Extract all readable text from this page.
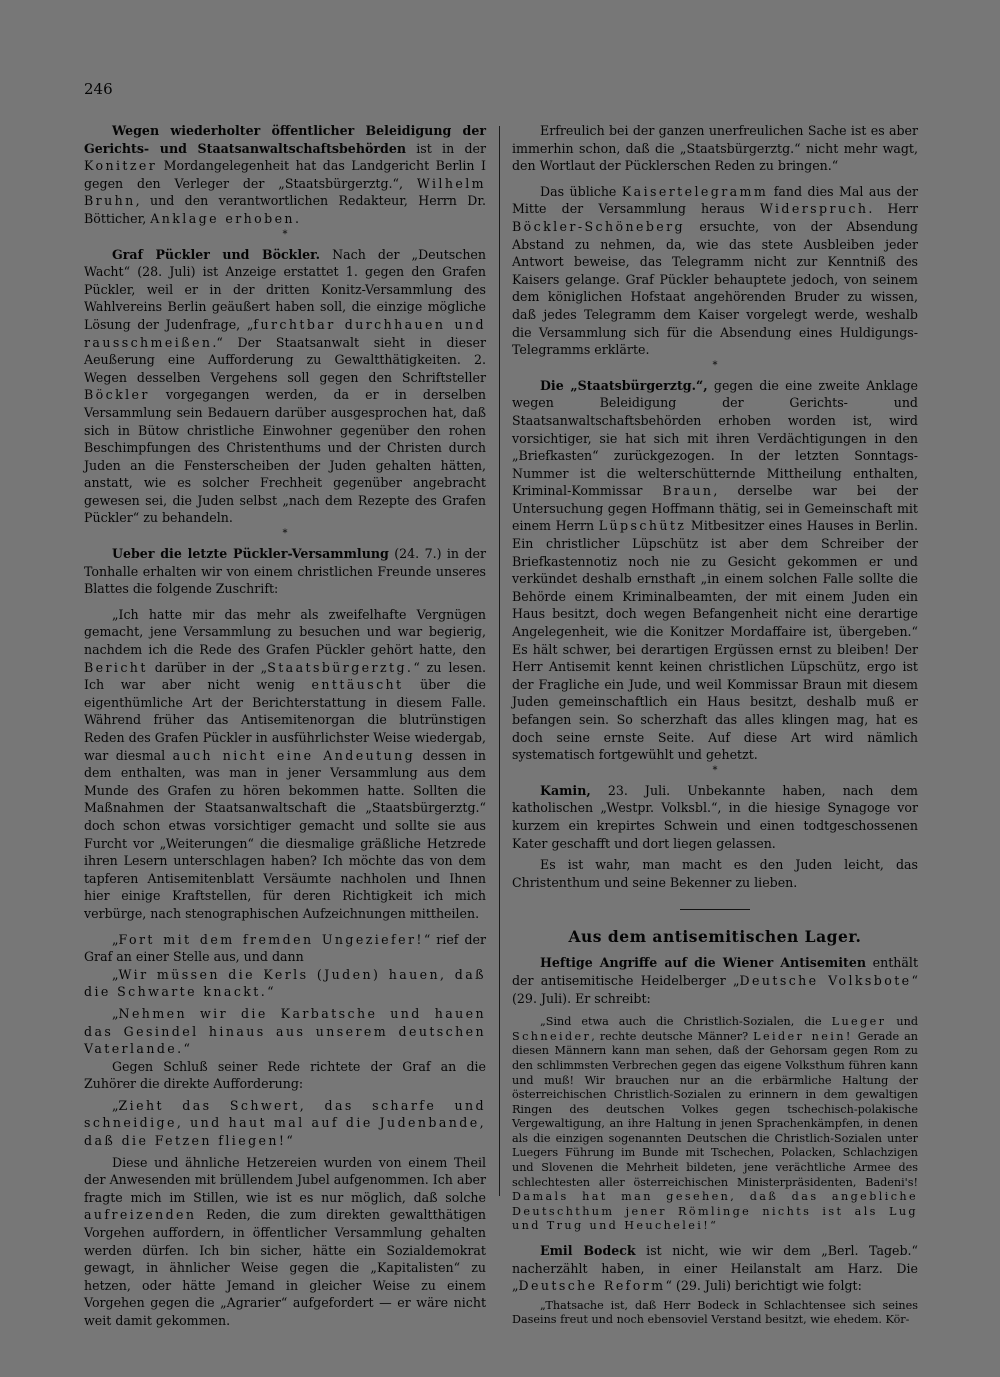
246

Wegen wiederholter öffentlicher Beleidigung der Gerichts- und Staatsanwaltschaftsbehörden ist in der Konitzer Mordangelegenheit hat das Landgericht Berlin I gegen den Verleger der „Staatsbürgerztg.“, Wilhelm Bruhn, und den verantwortlichen Redakteur, Herrn Dr. Bötticher, Anklage erhoben.

*

Graf Pückler und Böckler. Nach der „Deutschen Wacht“ (28. Juli) ist Anzeige erstattet 1. gegen den Grafen Pückler, weil er in der dritten Konitz-Versammlung des Wahlvereins Berlin geäußert haben soll, die einzige mögliche Lösung der Judenfrage, „furchtbar durchhauen und rausschmeißen.“ Der Staatsanwalt sieht in dieser Aeußerung eine Aufforderung zu Gewaltthätigkeiten. 2. Wegen desselben Vergehens soll gegen den Schriftsteller Böckler vorgegangen werden, da er in derselben Versammlung sein Bedauern darüber ausgesprochen hat, daß sich in Bütow christliche Einwohner gegenüber den rohen Beschimpfungen des Christenthums und der Christen durch Juden an die Fensterscheiben der Juden gehalten hätten, anstatt, wie es solcher Frechheit gegenüber angebracht gewesen sei, die Juden selbst „nach dem Rezepte des Grafen Pückler“ zu behandeln.

*

Ueber die letzte Pückler-Versammlung (24. 7.) in der Tonhalle erhalten wir von einem christlichen Freunde unseres Blattes die folgende Zuschrift:

„Ich hatte mir das mehr als zweifelhafte Vergnügen gemacht, jene Versammlung zu besuchen und war begierig, nachdem ich die Rede des Grafen Pückler gehört hatte, den Bericht darüber in der „Staatsbürgerztg.“ zu lesen. Ich war aber nicht wenig enttäuscht über die eigenthümliche Art der Berichterstattung in diesem Falle. Während früher das Antisemitenorgan die blutrünstigen Reden des Grafen Pückler in ausführlichster Weise wiedergab, war diesmal auch nicht eine Andeutung dessen in dem enthalten, was man in jener Versammlung aus dem Munde des Grafen zu hören bekommen hatte. Sollten die Maßnahmen der Staatsanwaltschaft die „Staatsbürgerztg.“ doch schon etwas vorsichtiger gemacht und sollte sie aus Furcht vor „Weiterungen“ die diesmalige gräßliche Hetzrede ihren Lesern unterschlagen haben? Ich möchte das von dem tapferen Antisemitenblatt Versäumte nachholen und Ihnen hier einige Kraftstellen, für deren Richtigkeit ich mich verbürge, nach stenographischen Aufzeichnungen mittheilen.

„Fort mit dem fremden Ungeziefer!“ rief der Graf an einer Stelle aus, und dann

„Wir müssen die Kerls (Juden) hauen, daß die Schwarte knackt.“

„Nehmen wir die Karbatsche und hauen das Gesindel hinaus aus unserem deutschen Vaterlande.“

Gegen Schluß seiner Rede richtete der Graf an die Zuhörer die direkte Aufforderung:

„Zieht das Schwert, das scharfe und schneidige, und haut mal auf die Judenbande, daß die Fetzen fliegen!“

Diese und ähnliche Hetzereien wurden von einem Theil der Anwesenden mit brüllendem Jubel aufgenommen. Ich aber fragte mich im Stillen, wie ist es nur möglich, daß solche aufreizenden Reden, die zum direkten gewaltthätigen Vorgehen auffordern, in öffentlicher Versammlung gehalten werden dürfen. Ich bin sicher, hätte ein Sozialdemokrat gewagt, in ähnlicher Weise gegen die „Kapitalisten“ zu hetzen, oder hätte Jemand in gleicher Weise zu einem Vorgehen gegen die „Agrarier“ aufgefordert — er wäre nicht weit damit gekommen.

Erfreulich bei der ganzen unerfreulichen Sache ist es aber immerhin schon, daß die „Staatsbürgerztg.“ nicht mehr wagt, den Wortlaut der Pücklerschen Reden zu bringen.“

Das übliche Kaisertelegramm fand dies Mal aus der Mitte der Versammlung heraus Widerspruch. Herr Böckler-Schöneberg ersuchte, von der Absendung Abstand zu nehmen, da, wie das stete Ausbleiben jeder Antwort beweise, das Telegramm nicht zur Kenntniß des Kaisers gelange. Graf Pückler behauptete jedoch, von seinem dem königlichen Hofstaat angehörenden Bruder zu wissen, daß jedes Telegramm dem Kaiser vorgelegt werde, weshalb die Versammlung sich für die Absendung eines Huldigungs-Telegramms erklärte.

*

Die „Staatsbürgerztg.“, gegen die eine zweite Anklage wegen Beleidigung der Gerichts- und Staatsanwaltschaftsbehörden erhoben worden ist, wird vorsichtiger, sie hat sich mit ihren Verdächtigungen in den „Briefkasten“ zurückgezogen. In der letzten Sonntags-Nummer ist die welterschütternde Mittheilung enthalten, Kriminal-Kommissar Braun, derselbe war bei der Untersuchung gegen Hoffmann thätig, sei in Gemeinschaft mit einem Herrn Lüpschütz Mitbesitzer eines Hauses in Berlin. Ein christlicher Lüpschütz ist aber dem Schreiber der Briefkastennotiz noch nie zu Gesicht gekommen er und verkündet deshalb ernsthaft „in einem solchen Falle sollte die Behörde einem Kriminalbeamten, der mit einem Juden ein Haus besitzt, doch wegen Befangenheit nicht eine derartige Angelegenheit, wie die Konitzer Mordaffaire ist, übergeben.“ Es hält schwer, bei derartigen Ergüssen ernst zu bleiben! Der Herr Antisemit kennt keinen christlichen Lüpschütz, ergo ist der Fragliche ein Jude, und weil Kommissar Braun mit diesem Juden gemeinschaftlich ein Haus besitzt, deshalb muß er befangen sein. So scherzhaft das alles klingen mag, hat es doch seine ernste Seite. Auf diese Art wird nämlich systematisch fortgewühlt und gehetzt.

*

Kamin, 23. Juli. Unbekannte haben, nach dem katholischen „Westpr. Volksbl.“, in die hiesige Synagoge vor kurzem ein krepirtes Schwein und einen todtgeschossenen Kater geschafft und dort liegen gelassen.

Es ist wahr, man macht es den Juden leicht, das Christenthum und seine Bekenner zu lieben.

Aus dem antisemitischen Lager.

Heftige Angriffe auf die Wiener Antisemiten enthält der antisemitische Heidelberger „Deutsche Volksbote“ (29. Juli). Er schreibt:

„Sind etwa auch die Christlich-Sozialen, die Lueger und Schneider, rechte deutsche Männer? Leider nein! Gerade an diesen Männern kann man sehen, daß der Gehorsam gegen Rom zu den schlimmsten Verbrechen gegen das eigene Volksthum führen kann und muß! Wir brauchen nur an die erbärmliche Haltung der österreichischen Christlich-Sozialen zu erinnern in dem gewaltigen Ringen des deutschen Volkes gegen tschechisch-polakische Vergewaltigung, an ihre Haltung in jenen Sprachenkämpfen, in denen als die einzigen sogenannten Deutschen die Christlich-Sozialen unter Luegers Führung im Bunde mit Tschechen, Polacken, Schlachzigen und Slovenen die Mehrheit bildeten, jene verächtliche Armee des schlechtesten aller österreichischen Ministerpräsidenten, Badeni's! Damals hat man gesehen, daß das angebliche Deutschthum jener Römlinge nichts ist als Lug und Trug und Heuchelei!“

Emil Bodeck ist nicht, wie wir dem „Berl. Tageb.“ nacherzählt haben, in einer Heilanstalt am Harz. Die „Deutsche Reform“ (29. Juli) berichtigt wie folgt:

„Thatsache ist, daß Herr Bodeck in Schlachtensee sich seines Daseins freut und noch ebensoviel Verstand besitzt, wie ehedem. Kör-
